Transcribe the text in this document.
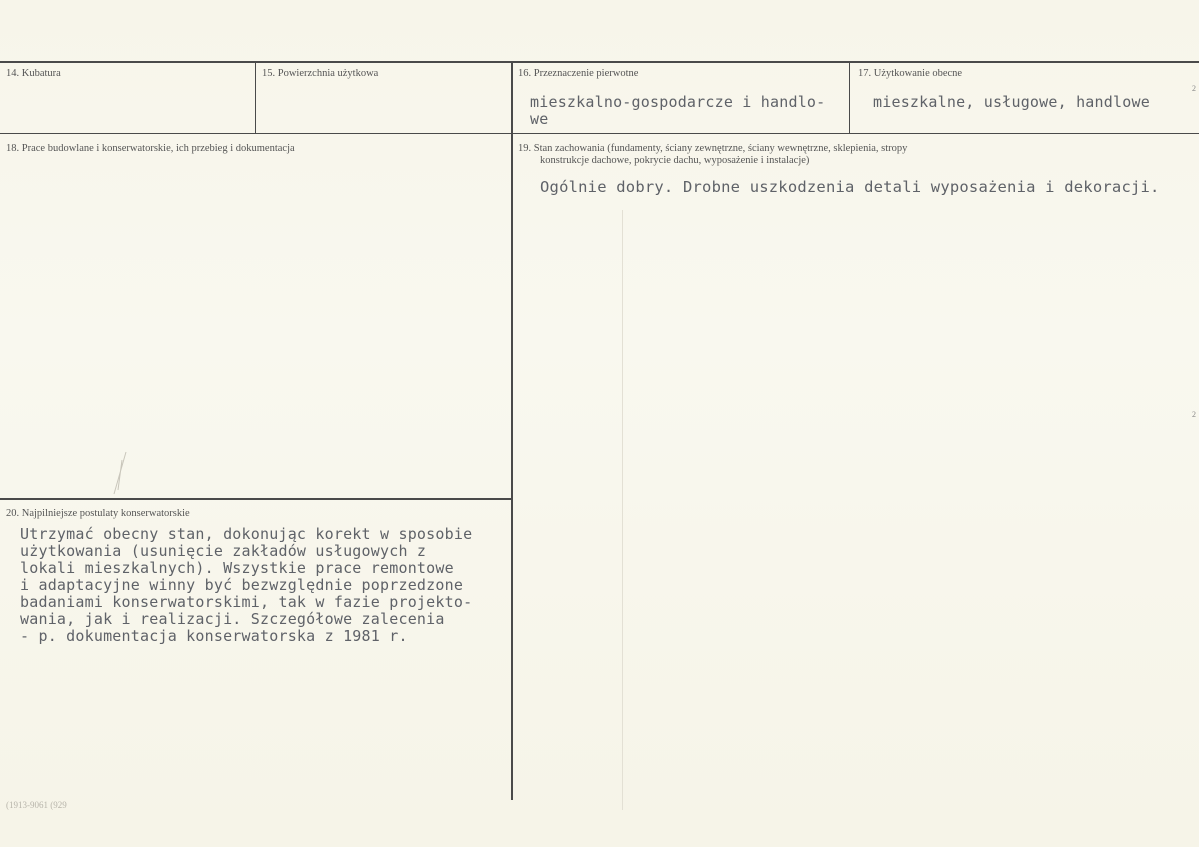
14. Kubatura	15. Powierzchnia użytkowa	16. Przeznaczenie pierwotne
mieszkalno-gospodarcze i handlo-
we
17. Użytkowanie obecne
mieszkalne, usługowe, handlowe
18. Prace budowlane i konserwatorskie, ich przebieg i dokumentacja	19. Stan zachowania (fundamenty, ściany zewnętrzne, ściany wewnętrzne, sklepienia, stropy
konstrukcje dachowe, pokrycie dachu, wyposażenie i instalacje)
Ogólnie dobry. Drobne uszkodzenia detali wyposażenia i dekoracji.
20. Najpilniejsze postulaty konserwatorskie
Utrzymać obecny stan, dokonując korekt w sposobie
użytkowania (usunięcie zakładów usługowych z
lokali mieszkalnych). Wszystkie prace remontowe
i adaptacyjne winny być bezwzględnie poprzedzone
badaniami konserwatorskimi, tak w fazie projekto-
wania, jak i realizacji. Szczegółowe zalecenia
- p. dokumentacja konserwatorska z 1981 r.
(1913-9061 (929
2
2
